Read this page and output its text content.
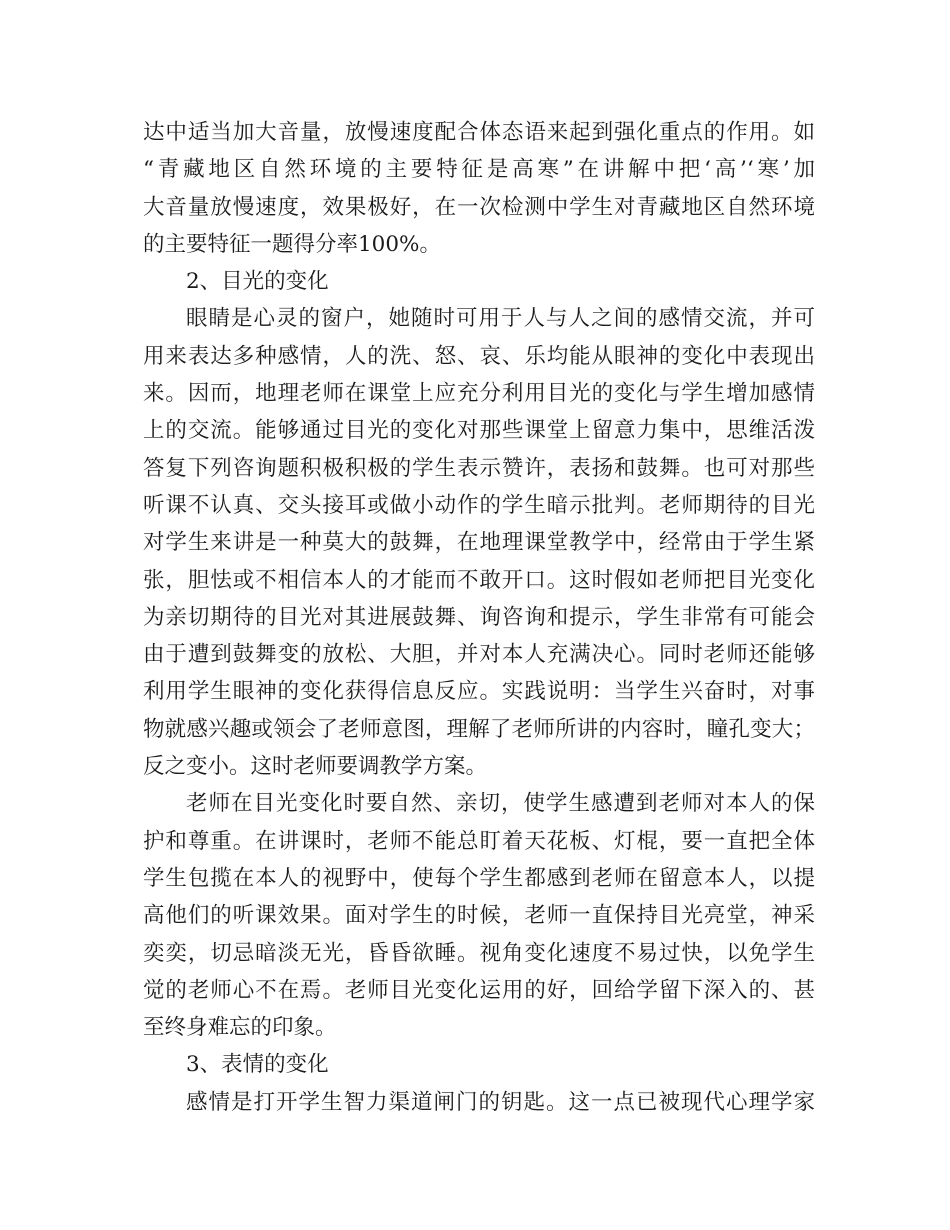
达中适当加大音量，放慢速度配合体态语来起到强化重点的作用。如
“青藏地区自然环境的主要特征是高寒”在讲解中把‘高’‘寒’加
大音量放慢速度，效果极好，在一次检测中学生对青藏地区自然环境
的主要特征一题得分率100%。
2、目光的变化
眼睛是心灵的窗户，她随时可用于人与人之间的感情交流，并可
用来表达多种感情，人的洗、怒、哀、乐均能从眼神的变化中表现出
来。因而，地理老师在课堂上应充分利用目光的变化与学生增加感情
上的交流。能够通过目光的变化对那些课堂上留意力集中，思维活泼
答复下列咨询题积极积极的学生表示赞许，表扬和鼓舞。也可对那些
听课不认真、交头接耳或做小动作的学生暗示批判。老师期待的目光
对学生来讲是一种莫大的鼓舞，在地理课堂教学中，经常由于学生紧
张，胆怯或不相信本人的才能而不敢开口。这时假如老师把目光变化
为亲切期待的目光对其进展鼓舞、询咨询和提示，学生非常有可能会
由于遭到鼓舞变的放松、大胆，并对本人充满决心。同时老师还能够
利用学生眼神的变化获得信息反应。实践说明：当学生兴奋时，对事
物就感兴趣或领会了老师意图，理解了老师所讲的内容时，瞳孔变大；
反之变小。这时老师要调教学方案。
老师在目光变化时要自然、亲切，使学生感遭到老师对本人的保
护和尊重。在讲课时，老师不能总盯着天花板、灯棍，要一直把全体
学生包揽在本人的视野中，使每个学生都感到老师在留意本人，以提
高他们的听课效果。面对学生的时候，老师一直保持目光亮堂，神采
奕奕，切忌暗淡无光，昏昏欲睡。视角变化速度不易过快，以免学生
觉的老师心不在焉。老师目光变化运用的好，回给学留下深入的、甚
至终身难忘的印象。
3、表情的变化
感情是打开学生智力渠道闸门的钥匙。这一点已被现代心理学家
